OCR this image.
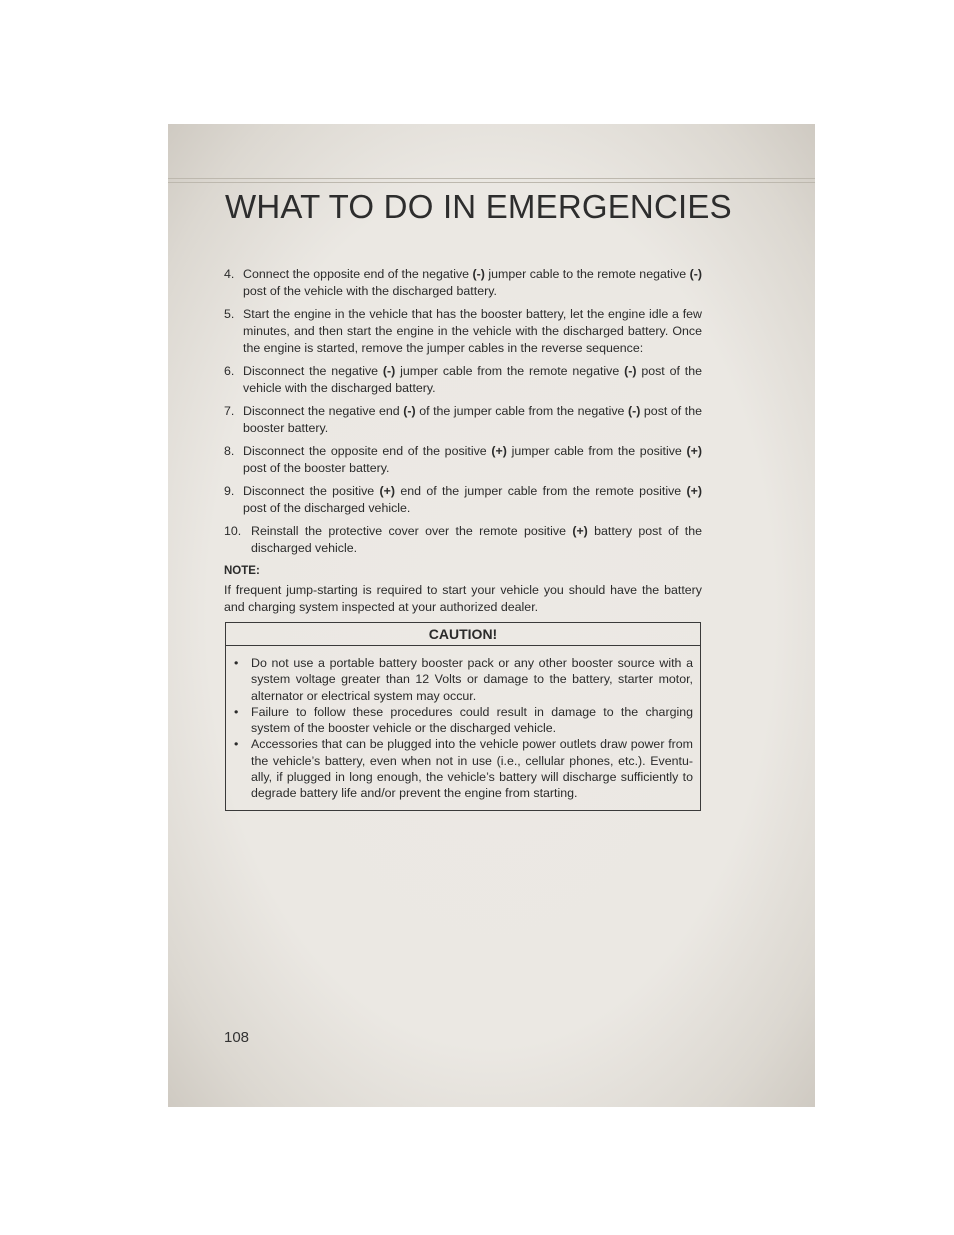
WHAT TO DO IN EMERGENCIES
4. Connect the opposite end of the negative (-) jumper cable to the remote negative (-) post of the vehicle with the discharged battery.
5. Start the engine in the vehicle that has the booster battery, let the engine idle a few minutes, and then start the engine in the vehicle with the discharged battery. Once the engine is started, remove the jumper cables in the reverse sequence:
6. Disconnect the negative (-) jumper cable from the remote negative (-) post of the vehicle with the discharged battery.
7. Disconnect the negative end (-) of the jumper cable from the negative (-) post of the booster battery.
8. Disconnect the opposite end of the positive (+) jumper cable from the positive (+) post of the booster battery.
9. Disconnect the positive (+) end of the jumper cable from the remote positive (+) post of the discharged vehicle.
10. Reinstall the protective cover over the remote positive (+) battery post of the discharged vehicle.
NOTE:

If frequent jump-starting is required to start your vehicle you should have the battery and charging system inspected at your authorized dealer.

CAUTION!
• Do not use a portable battery booster pack or any other booster source with a system voltage greater than 12 Volts or damage to the battery, starter motor, alternator or electrical system may occur.
• Failure to follow these procedures could result in damage to the charging system of the booster vehicle or the discharged vehicle.
• Accessories that can be plugged into the vehicle power outlets draw power from the vehicle’s battery, even when not in use (i.e., cellular phones, etc.). Eventu-ally, if plugged in long enough, the vehicle’s battery will discharge sufficiently to degrade battery life and/or prevent the engine from starting.
108
